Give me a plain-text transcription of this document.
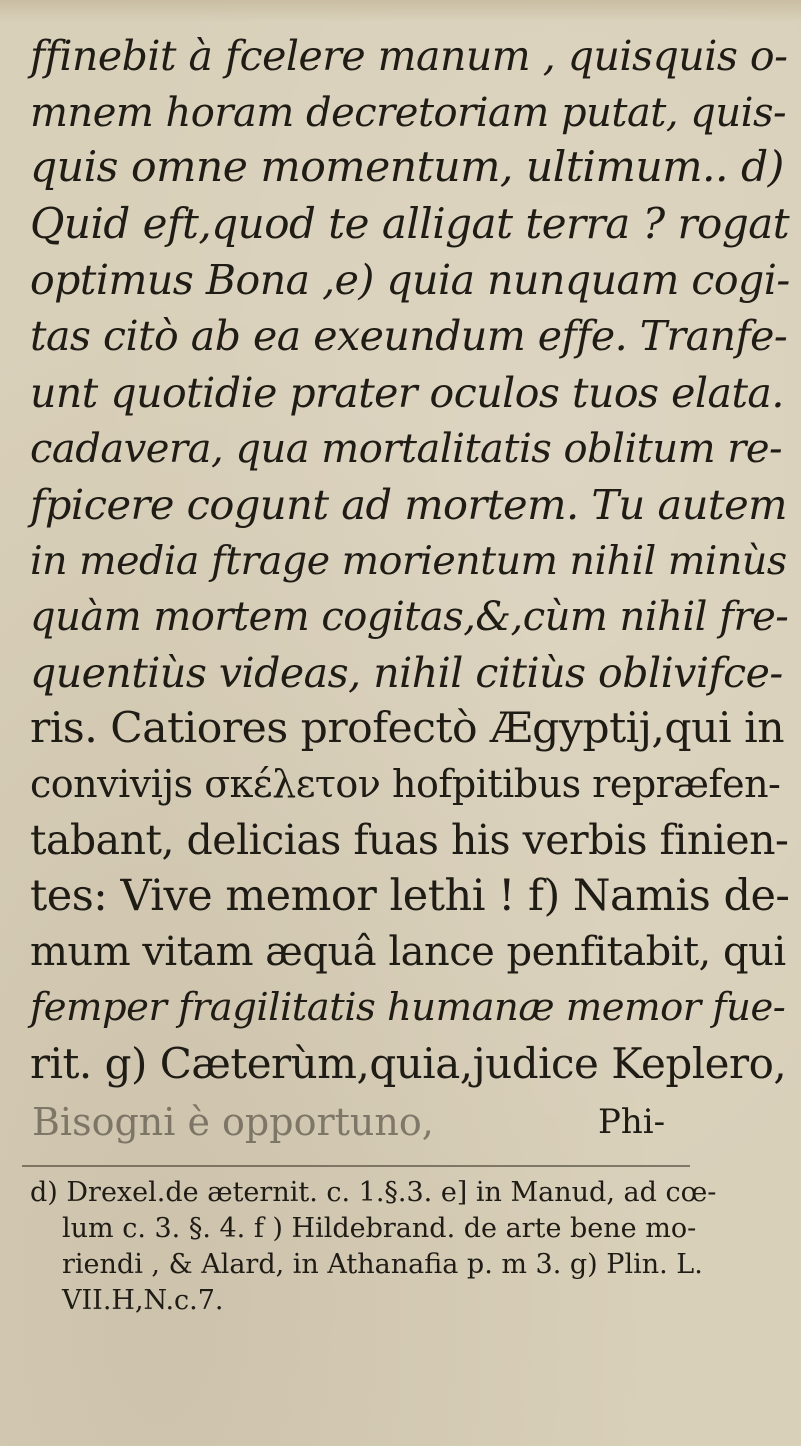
ffinebit à fcelere manum , quisquis o-
mnem horam decretoriam putat, quis-
quis omne momentum, ultimum.. d)
Quid eft,quod te alligat terra ? rogat
optimus Bona ,e) quia nunquam cogi-
tas citò ab ea exeundum effe. Tranfe-
unt quotidie prater oculos tuos elata.
cadavera, qua mortalitatis oblitum re-
fpicere cogunt ad mortem. Tu autem
in media ftrage morientum nihil minùs
quàm mortem cogitas,&,cùm nihil fre-
quentiùs videas, nihil citiùs oblivifce-
ris. Catiores profectò Ægyptij,qui in
convivijs σκέλετον hofpitibus repræfen-
tabant, delicias fuas his verbis finien-
tes: Vive memor lethi ! f) Namis de-
mum vitam æquâ lance penfitabit, qui
femper fragilitatis humanæ memor fue-
rit. g) Cæterùm,quia,judice Keplero,
Bisogni è opportuno,	Phi-
d) Drexel.de æternit. c. 1.§.3. e] in Manud, ad cœ-
lum c. 3. §. 4. f ) Hildebrand. de arte bene mo-
riendi , & Alard, in Athanafia p. m 3. g) Plin. L.
VII.H,N.c.7.
